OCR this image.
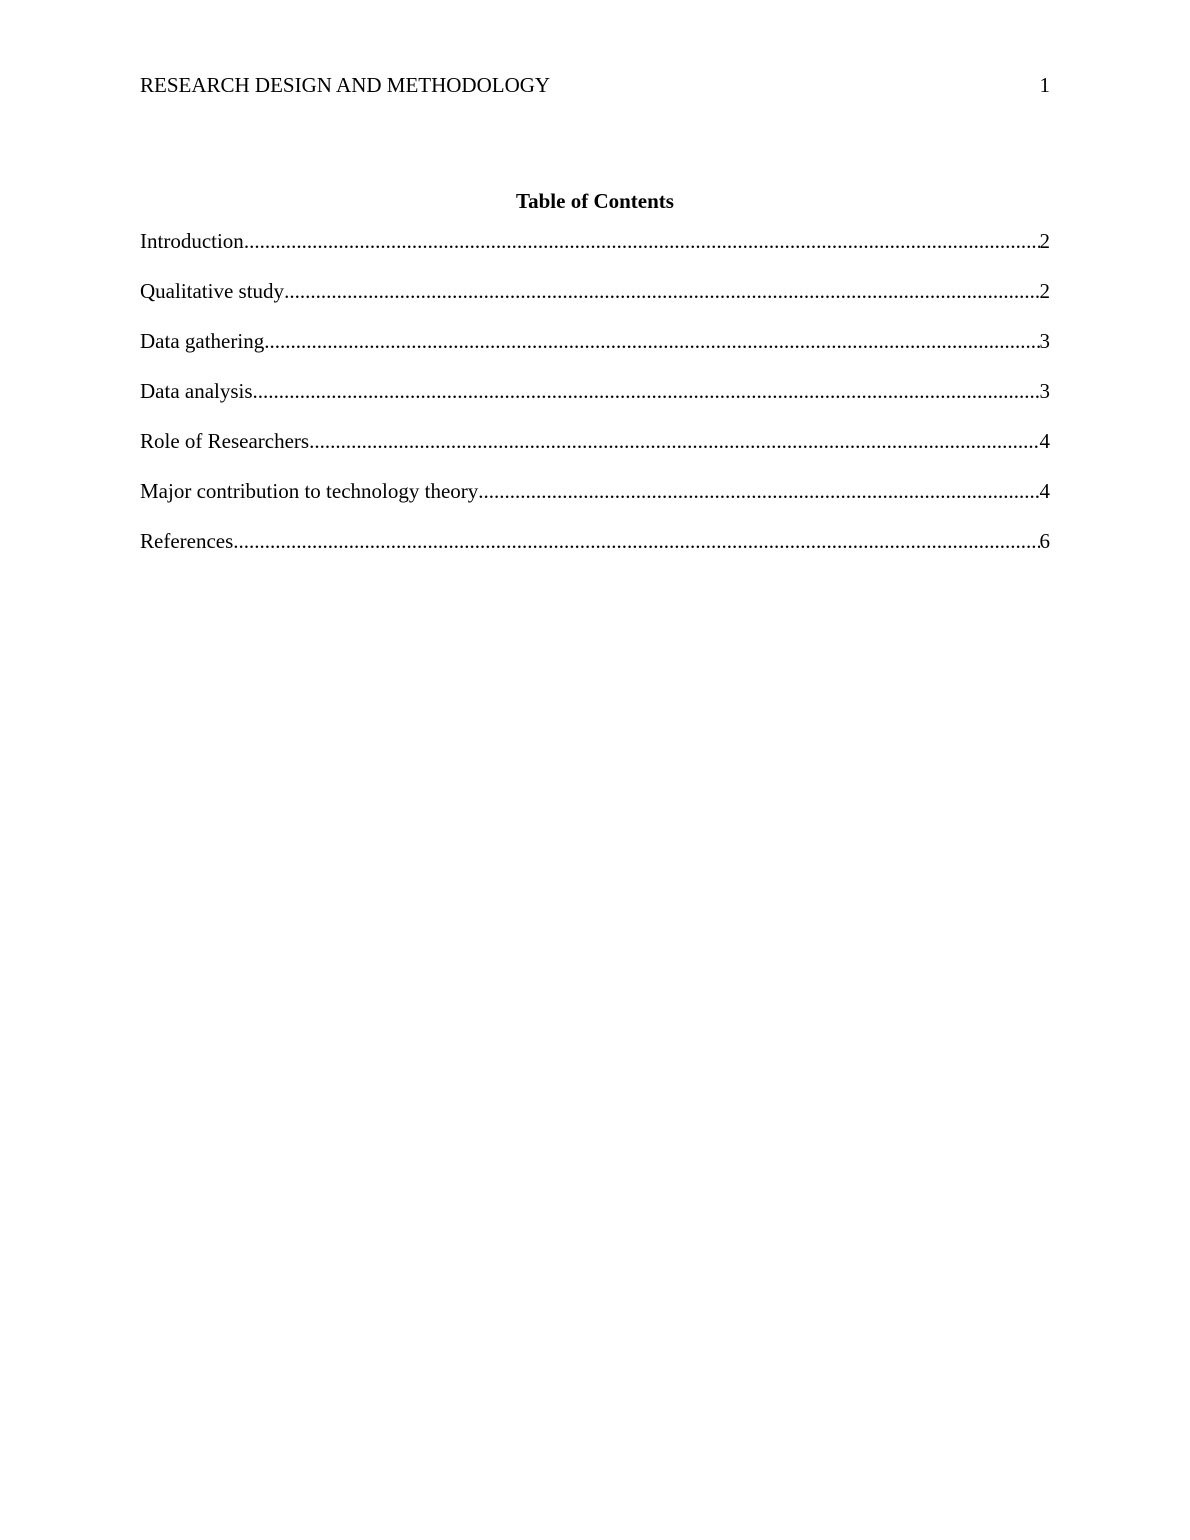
RESEARCH DESIGN AND METHODOLOGY	1
Table of Contents
Introduction .....	2
Qualitative study .....	2
Data gathering .....	3
Data analysis .....	3
Role of Researchers .....	4
Major contribution to technology theory .....	4
References .....	6
